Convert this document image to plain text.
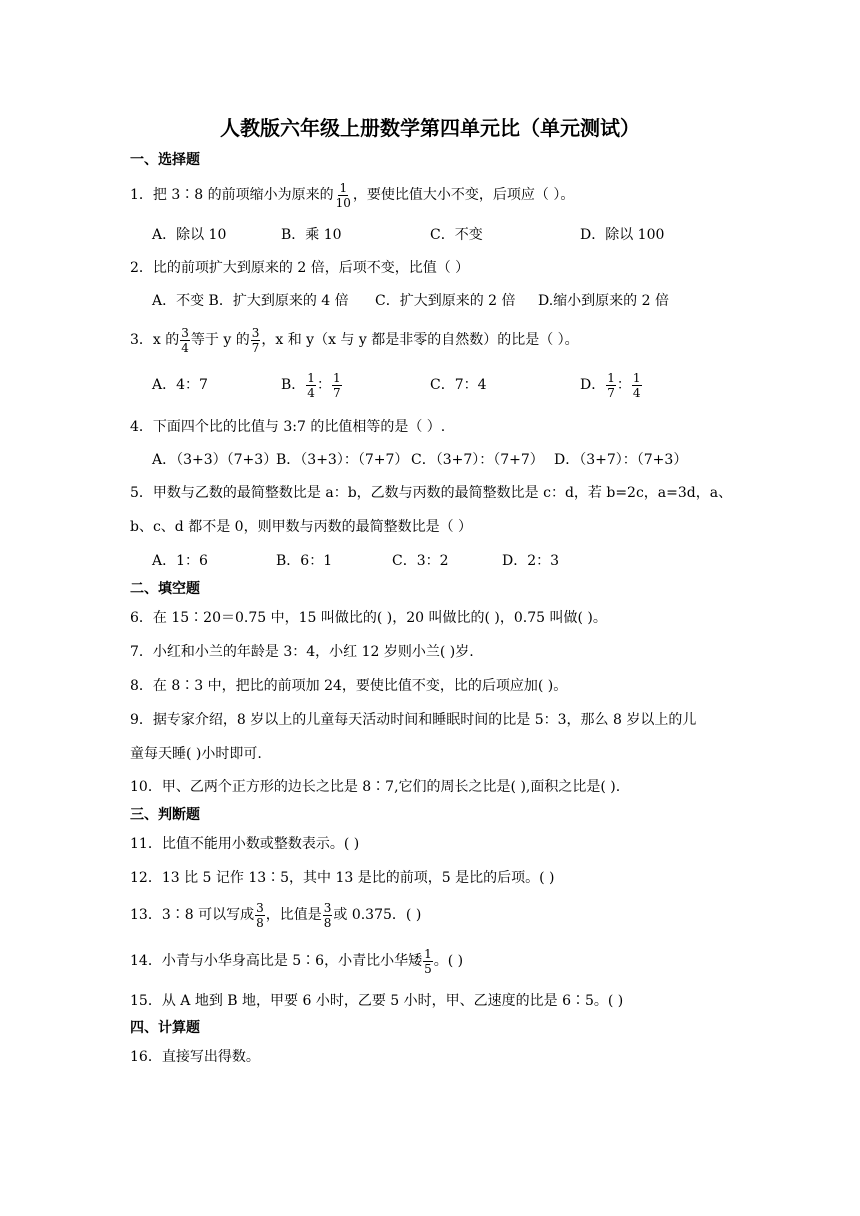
人教版六年级上册数学第四单元比（单元测试）
一、选择题
1．把 3∶8 的前项缩小为原来的 $\frac{1}{10}$ ，要使比值大小不变，后项应（ ）。
A．除以 10	B．乘 10	C．不变	D．除以 100
2．比的前项扩大到原来的 2 倍，后项不变，比值（ ）
A．不变 B．扩大到原来的 4 倍 C．扩大到原来的 2 倍 D.缩小到原来的 2 倍
3．x 的 $\frac{3}{4}$ 等于 y 的 $\frac{3}{7}$ ，x 和 y（x 与 y 都是非零的自然数）的比是（ ）。
A．4：7	B． $\frac{1}{4}$ ： $\frac{1}{7}$	C．7：4	D． $\frac{1}{7}$ ： $\frac{1}{4}$
4．下面四个比的比值与 3:7 的比值相等的是（ ）.
A．（3+3）（7+3）
B．（3+3）：（7+7） C．（3+7）：（7+7） D．（3+7）：（7+3）
5．甲数与乙数的最简整数比是 a：b，乙数与丙数的最简整数比是 c：d，若 b=2c，a=3d，a、
b、c、d 都不是 0，则甲数与丙数的最简整数比是（ ）
A．1：6	B．6：1	C．3：2	D．2：3
二、填空题
6．在 15∶20＝0.75 中，15 叫做比的( )，20 叫做比的( )，0.75 叫做( )。
7．小红和小兰的年龄是 3：4，小红 12 岁则小兰( )岁.
8．在 8∶3 中，把比的前项加 24，要使比值不变，比的后项应加( )。
9．据专家介绍，8 岁以上的儿童每天活动时间和睡眠时间的比是 5：3，那么 8 岁以上的儿
童每天睡( )小时即可.
10．甲、乙两个正方形的边长之比是 8∶7,它们的周长之比是( ),面积之比是( ).
三、判断题
11．比值不能用小数或整数表示。( )
12．13 比 5 记作 13∶5，其中 13 是比的前项，5 是比的后项。( )
13．3∶8 可以写成 $\frac{3}{8}$ ，比值是 $\frac{3}{8}$ 或 0.375．( )
14．小青与小华身高比是 5∶6，小青比小华矮 $\frac{1}{5}$ 。( )
15．从 A 地到 B 地，甲要 6 小时，乙要 5 小时，甲、乙速度的比是 6∶5。( )
四、计算题
16．直接写出得数。
